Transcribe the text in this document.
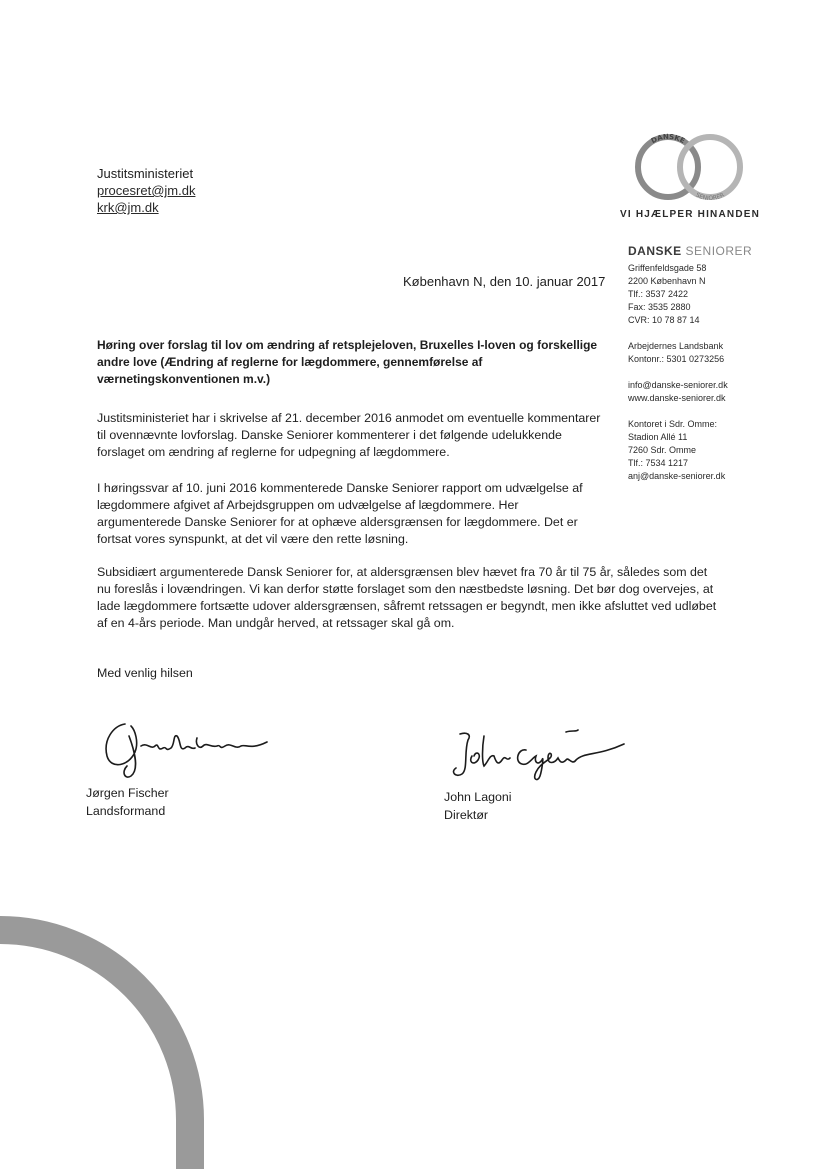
Justitsministeriet
procesret@jm.dk
krk@jm.dk
DANSKE
SENIORER
VI HJÆLPER HINANDEN
DANSKE SENIORER
Griffenfeldsgade 58
2200 København N
Tlf.: 3537 2422
Fax: 3535 2880
CVR: 10 78 87 14
Arbejdernes Landsbank
Kontonr.: 5301 0273256
info@danske-seniorer.dk
www.danske-seniorer.dk
Kontoret i Sdr. Omme:
Stadion Allé 11
7260 Sdr. Omme
Tlf.: 7534 1217
anj@danske-seniorer.dk
København N, den 10. januar 2017
Høring over forslag til lov om ændring af retsplejeloven, Bruxelles I-loven og forskellige andre love (Ændring af reglerne for lægdommere, gennemførelse af værnetingskonventionen m.v.)
Justitsministeriet har i skrivelse af 21. december 2016 anmodet om eventuelle kommentarer til ovennævnte lovforslag. Danske Seniorer kommenterer i det følgende udelukkende forslaget om ændring af reglerne for udpegning af lægdommere.
I høringssvar af 10. juni 2016 kommenterede Danske Seniorer rapport om udvælgelse af lægdommere afgivet af Arbejdsgruppen om udvælgelse af lægdommere. Her argumenterede Danske Seniorer for at ophæve aldersgrænsen for lægdommere. Det er fortsat vores synspunkt, at det vil være den rette løsning.
Subsidiært argumenterede Dansk Seniorer for, at aldersgrænsen blev hævet fra 70 år til 75 år, således som det nu foreslås i lovændringen. Vi kan derfor støtte forslaget som den næstbedste løsning. Det bør dog overvejes, at lade lægdommere fortsætte udover aldersgrænsen, såfremt retssagen er begyndt, men ikke afsluttet ved udløbet af en 4-års periode. Man undgår herved, at retssager skal gå om.
Med venlig hilsen
Jørgen Fischer
Landsformand
John Lagoni
Direktør
